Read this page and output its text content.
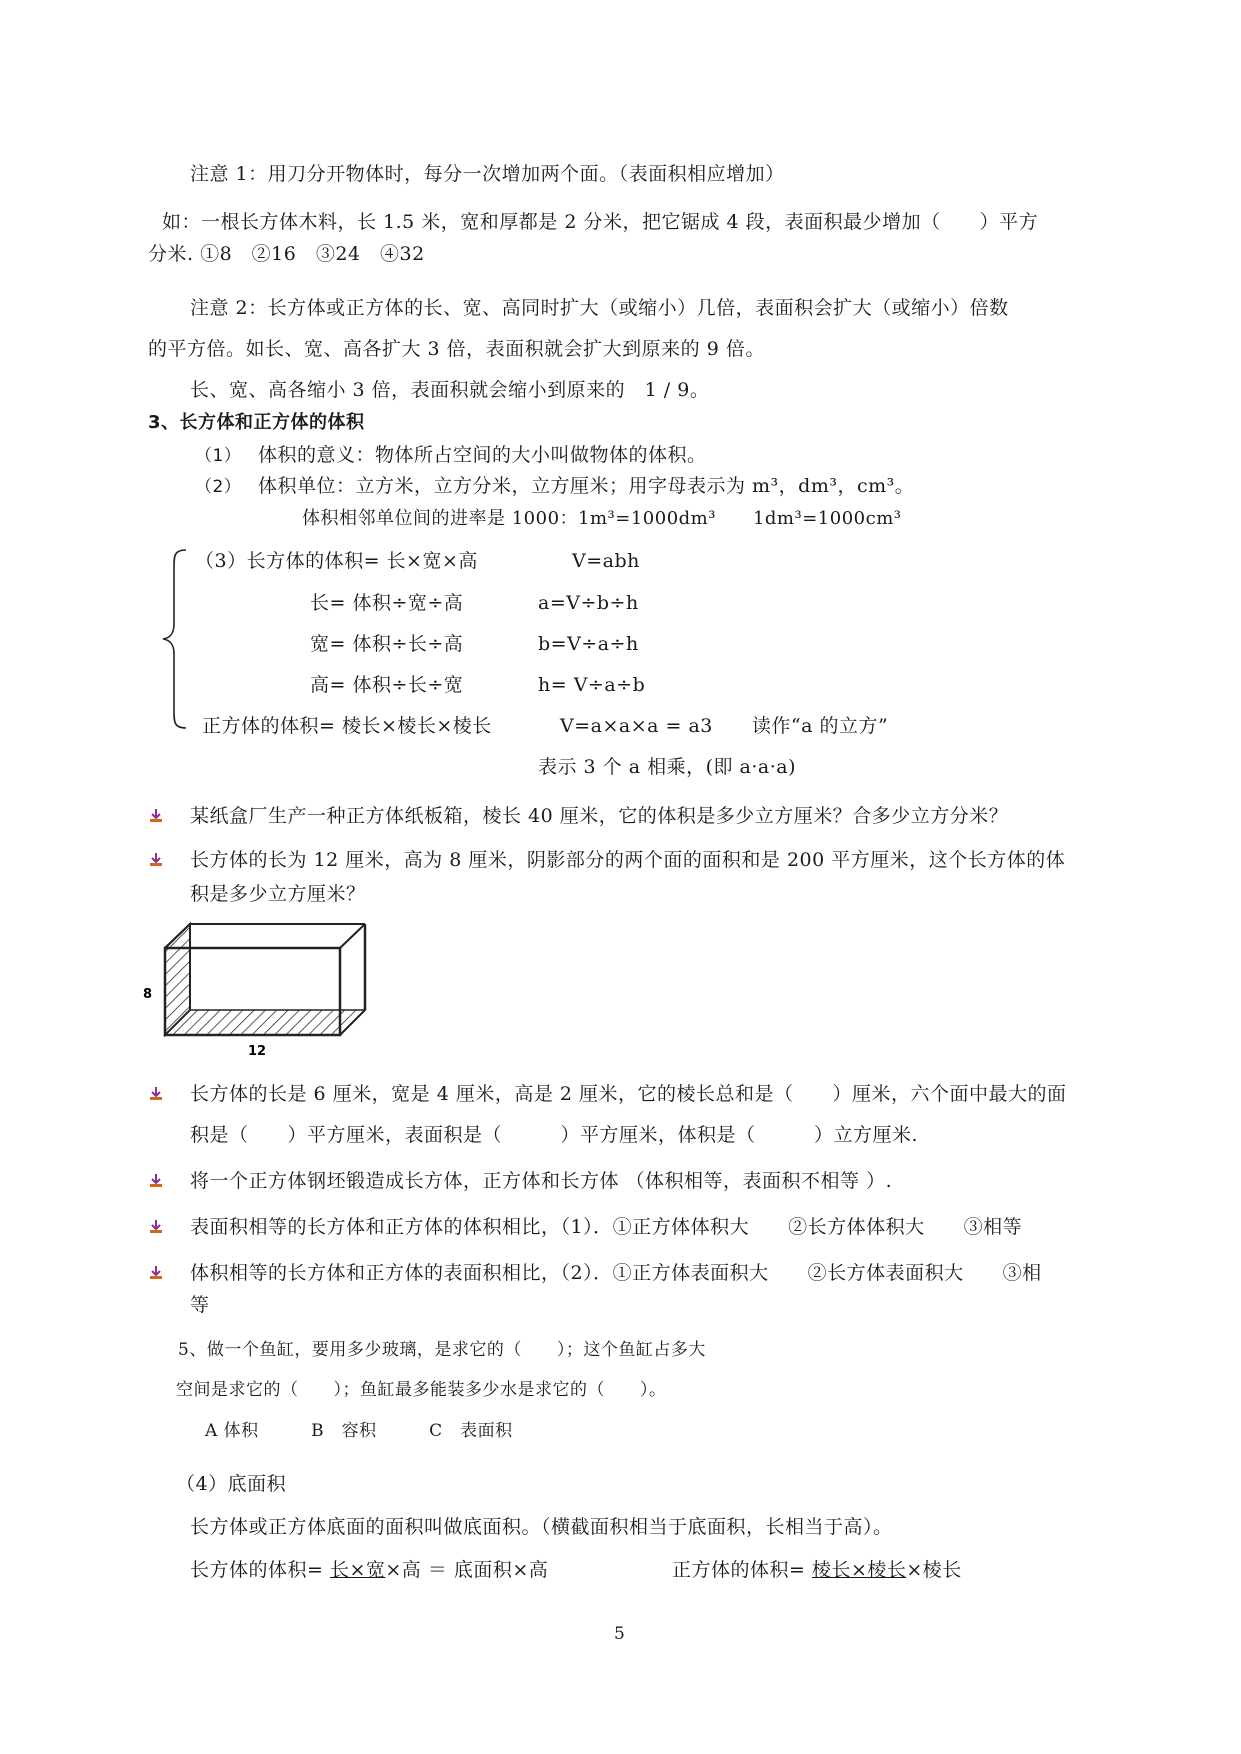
注意 1：用刀分开物体时，每分一次增加两个面。（表面积相应增加）
如：一根长方体木料，长 1.5 米，宽和厚都是 2 分米，把它锯成 4 段，表面积最少增加（　　）平方
分米. ①8　②16　③24　④32
注意 2：长方体或正方体的长、宽、高同时扩大（或缩小）几倍，表面积会扩大（或缩小）倍数
的平方倍。如长、宽、高各扩大 3 倍，表面积就会扩大到原来的 9 倍。
长、宽、高各缩小 3 倍，表面积就会缩小到原来的　1 / 9。
3、长方体和正方体的体积
（1） 体积的意义：物体所占空间的大小叫做物体的体积。
（2） 体积单位：立方米，立方分米，立方厘米；用字母表示为 m³，dm³，cm³。
体积相邻单位间的进率是 1000：1m³=1000dm³　　1dm³=1000cm³
（3）长方体的体积= 长×宽×高	V=abh
长= 体积÷宽÷高	a=V÷b÷h
宽= 体积÷长÷高	b=V÷a÷h
高= 体积÷长÷宽	h= V÷a÷b
正方体的体积= 棱长×棱长×棱长	V=a×a×a = a3　　读作“a 的立方”
表示 3 个 a 相乘，(即 a·a·a)
某纸盒厂生产一种正方体纸板箱，棱长 40 厘米，它的体积是多少立方厘米？合多少立方分米？
长方体的长为 12 厘米，高为 8 厘米，阴影部分的两个面的面积和是 200 平方厘米，这个长方体的体
积是多少立方厘米？
8
12
长方体的长是 6 厘米，宽是 4 厘米，高是 2 厘米，它的棱长总和是（　　）厘米，六个面中最大的面
积是（　　）平方厘米，表面积是（　　　）平方厘米，体积是（　　　）立方厘米.
将一个正方体钢坯锻造成长方体，正方体和长方体 （体积相等，表面积不相等 ）.
表面积相等的长方体和正方体的体积相比，（1）．①正方体体积大　　②长方体体积大　　③相等
体积相等的长方体和正方体的表面积相比，（2）．①正方体表面积大　　②长方体表面积大　　③相
等
5、做一个鱼缸，要用多少玻璃，是求它的（　　）；这个鱼缸占多大
空间是求它的（　　）；鱼缸最多能装多少水是求它的（　　）。
A 体积　　　B　容积　　　C　表面积
（4）底面积
长方体或正方体底面的面积叫做底面积。（横截面积相当于底面积，长相当于高）。
长方体的体积= 长×宽×高 ＝ 底面积×高	正方体的体积= 棱长×棱长×棱长
5
